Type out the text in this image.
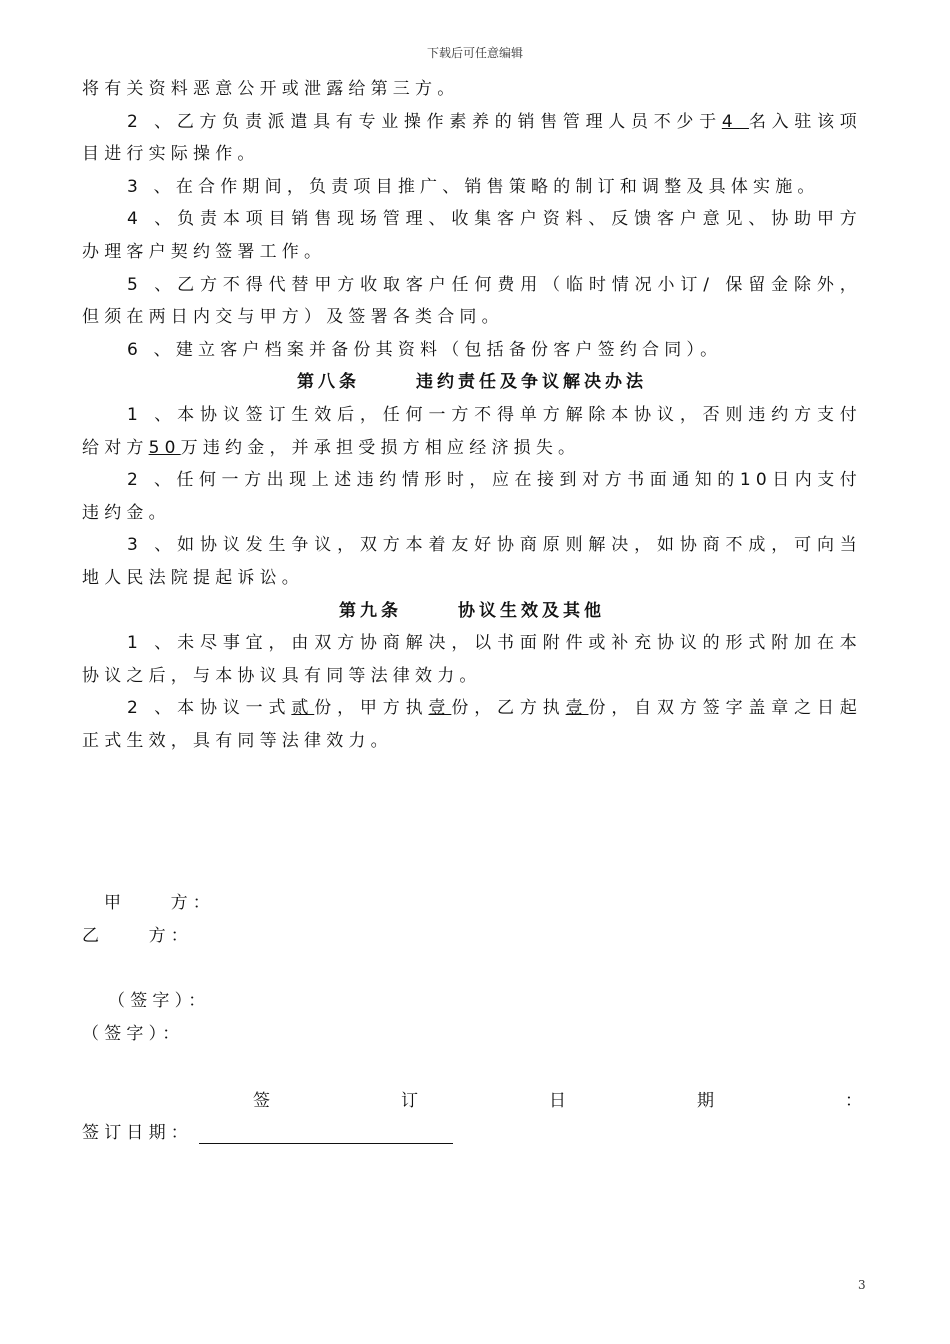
下载后可任意编辑

将有关资料恶意公开或泄露给第三方。

2 、乙方负责派遣具有专业操作素养的销售管理人员不少于4 名入驻该项目进行实际操作。

3 、在合作期间，负责项目推广、销售策略的制订和调整及具体实施。

4 、负责本项目销售现场管理、收集客户资料、反馈客户意见、协助甲方办理客户契约签署工作。

5 、乙方不得代替甲方收取客户任何费用（临时情况小订/ 保留金除外，但须在两日内交与甲方）及签署各类合同。

6 、建立客户档案并备份其资料（包括备份客户签约合同）。

第八条	违约责任及争议解决办法

1 、本协议签订生效后，任何一方不得单方解除本协议，否则违约方支付给对方50万违约金，并承担受损方相应经济损失。

2 、任何一方出现上述违约情形时，应在接到对方书面通知的10日内支付违约金。

3 、如协议发生争议，双方本着友好协商原则解决，如协商不成，可向当地人民法院提起诉讼。

第九条	协议生效及其他

1 、未尽事宜，由双方协商解决，以书面附件或补充协议的形式附加在本协议之后，与本协议具有同等法律效力。

2 、本协议一式贰份，甲方执壹份，乙方执壹份，自双方签字盖章之日起正式生效，具有同等法律效力。

甲　　方：
乙　　方：
（签字）：
（签字）：
签	订	日	期	：
签订日期：
3
